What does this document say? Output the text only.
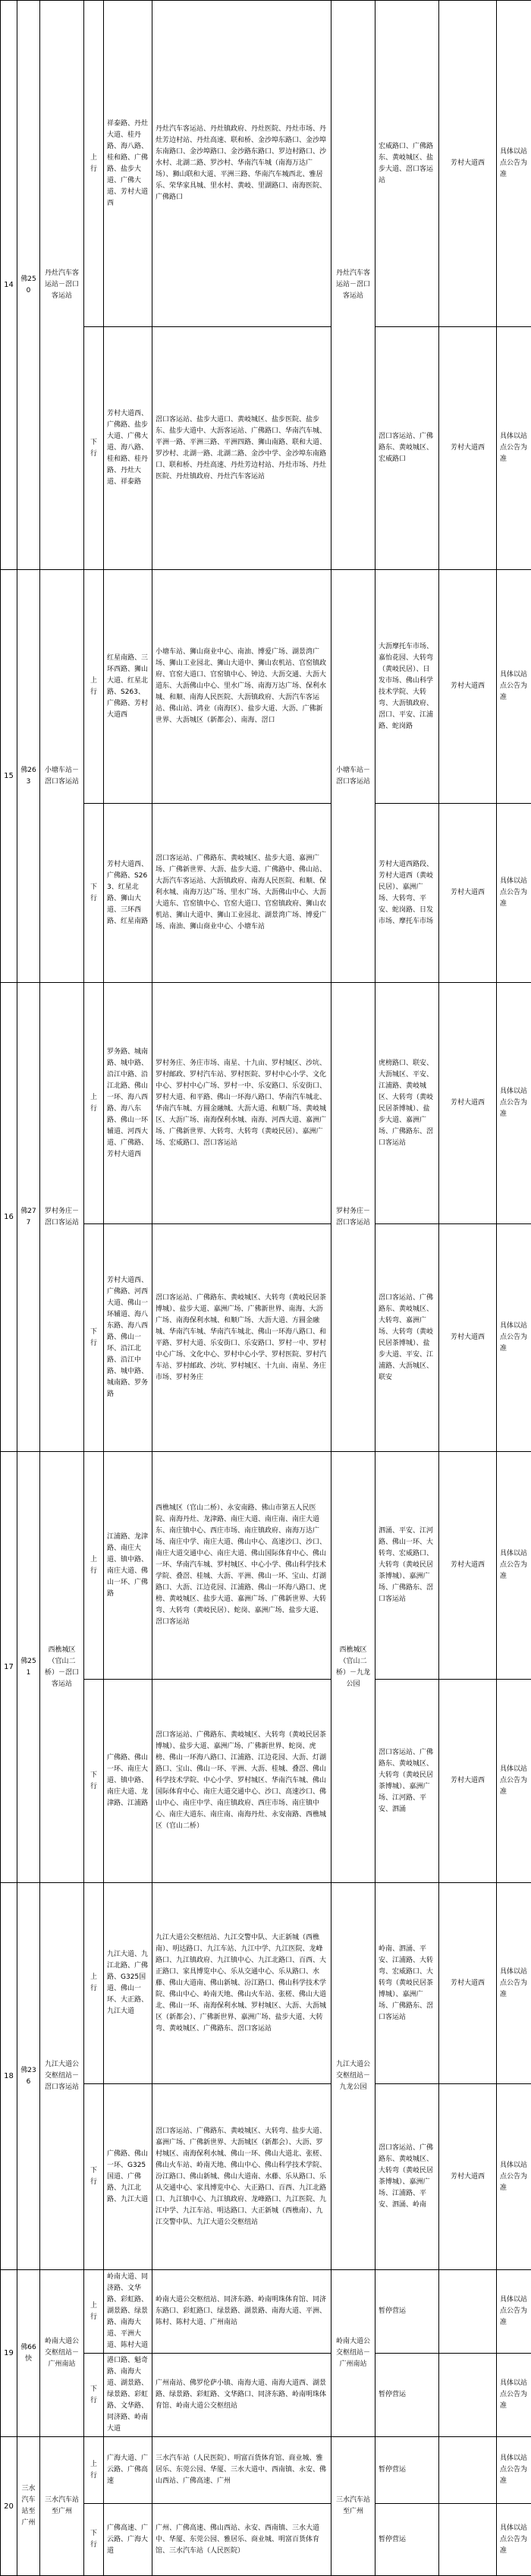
14	佛250	丹灶汽车客运站－滘口客运站	上行	祥泰路、丹灶大道、桂丹路、海八路、桂和路、广佛路、盐步大道、广佛大道、芳村大道西	丹灶汽车客运站、丹灶镇政府、丹灶医院、丹灶市场、丹灶芳边村站、丹灶高速、联和桥、金沙埠东路口、金沙埠东南路口、金沙埠路口、金沙路东路口、罗边村路口、沙水村、北湖二路、罗沙村、华南汽车城（南海万达广场）、狮山联和大道、平洲三路、华南汽车城西北、雅居乐、荣华家具城、里水村、黄岐、里湖路口、南海医院、广佛路口	丹灶汽车客运站－滘口客运站	宏威路口、广佛路东、黄岐城区、盐步大道、滘口客运站	芳村大道西	具体以站点公告为准
			下行	芳村大道西、广佛路、盐步大道、广佛大道、海八路、桂和路、桂丹路、丹灶大道、祥泰路	滘口客运站、盐步大道口、黄岐城区、盐步医院、盐步东、盐步大道中、大沥客运站、广佛路口、华南汽车城、平洲一路、平洲三路、平洲四路、狮山南路、联和大道、罗沙村、北湖一路、北湖二路、金沙中学、金沙埠东南路口、联和桥、丹灶高速、丹灶芳边村站、丹灶市场、丹灶医院、丹灶镇政府、丹灶汽车客运站		滘口客运站、广佛路东、黄岐城区、宏威路口	芳村大道西	具体以站点公告为准
15	佛263	小塘车站－滘口客运站	上行	红星南路、三环西路、狮山大道、红星北路、S263、广佛路、芳村大道西	小塘车站、狮山商业中心、南油、博爱广场、湖景湾广场、狮山工业园北、狮山大道中、狮山农机站、官窑镇政府、官窑大道口、官窑镇中心、钟边、大沥交通、大沥大道东、大沥佛山中心、里水广场、南海万达广场、保利水城、和顺、南海人民医院、大沥镇政府、大沥汽车客运站、佛山站、鸿业（南海区）、盐步大道、大沥、广佛新世界、大沥城区（新都会）、南海、滘口	小塘车站－滘口客运站	大沥摩托车市场、嘉怡花园、大转弯（黄岐民居）、日发市场、佛山科学技术学院、大转弯、大沥镇政府、滘口、平安、江浦路、蛇岗路	芳村大道西	具体以站点公告为准
			下行	芳村大道西、广佛路、S263、红星北路、狮山大道、三环西路、红星南路	滘口客运站、广佛路东、黄岐城区、盐步大道、嘉洲广场、广佛新世界、大沥、盐步大道、广佛路中、佛山站、大沥汽车客运站、大沥镇政府、南海人民医院、和顺、保利水城、南海万达广场、里水广场、大沥佛山中心、大沥大道东、官窑镇中心、官窑大道口、官窑镇政府、狮山农机站、狮山大道中、狮山工业园北、湖景湾广场、博爱广场、南油、狮山商业中心、小塘车站		芳村大道西路段、芳村大道西（黄岐民居）、嘉洲广场、大转弯、平安、蛇岗路、日发市场、摩托车市场	芳村大道西	具体以站点公告为准
16	佛277	罗村务庄－滘口客运站	上行	罗务路、城南路、城中路、沿江中路、沿江北路、佛山一环、海八西路、海八东路、佛山一环辅道、河西大道、广佛路、芳村大道西	罗村务庄、务庄市场、南星、十九亩、罗村城区、沙坑、罗村邮政、罗村汽车站、罗村医院、罗村中心小学、文化中心、罗村中心广场、罗村一中、乐安路口、乐安街口、罗村大道、和平路、佛山一环海八路口、华南汽车城北、华南汽车城、方圆金融城、大沥大道、和顺广场、黄岐城区、大沥广场、南海保利水城、南海、河西大道、嘉洲广场、广佛新世界、大转弯、大转弯（黄岐民居）、嘉洲广场、宏威路口、滘口客运站	罗村务庄－滘口客运站	虎榜路口、联安、大沥城区、平安、江浦路、黄岐城区、大转弯（黄岐民居茶博城）、盐步大道、嘉洲广场、广佛路东、滘口客运站	芳村大道西	具体以站点公告为准
			下行	芳村大道西、广佛路、河西大道、佛山一环辅道、海八东路、海八西路、佛山一环、沿江北路、沿江中路、城中路、城南路、罗务路	滘口客运站、广佛路东、黄岐城区、大转弯（黄岐民居茶博城）、盐步大道、嘉洲广场、广佛新世界、南海、大沥广场、南海保利水城、和顺广场、大沥大道、方圆金融城、华南汽车城、华南汽车城北、佛山一环海八路口、和平路、罗村大道、乐安街口、乐安路口、罗村一中、罗村中心广场、文化中心、罗村中心小学、罗村医院、罗村汽车站、罗村邮政、沙坑、罗村城区、十九亩、南星、务庄市场、罗村务庄		滘口客运站、广佛路东、黄岐城区、大转弯、嘉洲广场、大转弯（黄岐民居茶博城）、盐步大道、平安、江浦路、大沥城区、联安	芳村大道西	具体以站点公告为准
17	佛251	西樵城区（官山二桥）－滘口客运站	上行	江浦路、龙津路、南庄大道、镇中路、南庄大道、佛山一环、广佛路	西樵城区（官山二桥）、永安南路、佛山市第五人民医院、南海丹灶、龙津路、南庄大道、南庄南、南庄大道东、南庄镇中心、西庄市场、南庄镇政府、南海万达广场、南庄中学、南庄大道、佛山中心、高速沙口、沙口、南庄大道交通中心、南庄大道、佛山国际体育中心、佛山一环、华南汽车城、罗村城区、中心小学、佛山科学技术学院、叠滘、桂城、大沥、平洲、佛山一环、宝山、灯湖路口、大沥、江边花园、江浦路、佛山一环海八路口、虎榜、黄岐城区、盐步大道、嘉洲广场、广佛新世界、大转弯、大转弯（黄岐民居）、蛇岗、嘉洲广场、盐步大道、滘口客运站	西樵城区（官山二桥）－九龙公园	泗涌、平安、江河路、佛山一环、大转弯、宏威路口、大转弯（黄岐民居茶博城）、嘉洲广场、广佛路东、滘口客运站	芳村大道西	具体以站点公告为准
			下行	广佛路、佛山一环、南庄大道、镇中路、南庄大道、龙津路、江浦路	滘口客运站、广佛路东、黄岐城区、大转弯（黄岐民居茶博城）、盐步大道、嘉洲广场、广佛新世界、蛇岗、虎榜、佛山一环海八路口、江浦路、江边花园、大沥、灯湖路口、宝山、佛山一环、平洲、大沥、桂城、叠滘、佛山科学技术学院、中心小学、罗村城区、华南汽车城、佛山国际体育中心、南庄大道交通中心、沙口、高速沙口、佛山中心、南庄中学、南庄镇政府、西庄市场、南庄镇中心、南庄大道东、南庄南、南海丹灶、永安南路、西樵城区（官山二桥）		滘口客运站、广佛路东、黄岐城区、大转弯（黄岐民居茶博城）、嘉洲广场、江河路、平安、泗涌	芳村大道西	具体以站点公告为准
18	佛236	九江大道公交枢纽站－滘口客运站	上行	九江大道、九江北路、广佛路、G325国道、佛山一环、大正路、九江大道	九江大道公交枢纽站、九江交警中队、大正新城（西樵南）、明达路口、九江车站、九江中学、九江医院、龙峰路口、九江镇政府、九江镇中心、九江北路口、百西、大正路口、家具博览中心、乐从交通中心、乐从路口、水藤、佛山大道南、佛山新城、汾江路口、佛山科学技术学院、佛山中心、岭南天地、佛山火车站、张槎、佛山大道北、佛山一环、南海保利水城、罗村城区、大沥、大沥城区（新都会）、广佛新世界、嘉洲广场、盐步大道、大转弯、黄岐城区、广佛路东、滘口客运站	九江大道公交枢纽站－九龙公园	岭南、泗涌、平安、江浦路、大转弯、宏威路口、大转弯（黄岐民居茶博城）、嘉洲广场、广佛路东、滘口客运站	芳村大道西	具体以站点公告为准
			下行	广佛路、佛山一环、G325国道、广佛路、九江北路、九江大道	滘口客运站、广佛路东、黄岐城区、大转弯、盐步大道、嘉洲广场、广佛新世界、大沥城区（新都会）、大沥、罗村城区、南海保利水城、佛山一环、佛山大道北、张槎、佛山火车站、岭南天地、佛山中心、佛山科学技术学院、汾江路口、佛山新城、佛山大道南、水藤、乐从路口、乐从交通中心、家具博览中心、大正路口、百西、九江北路口、九江镇中心、九江镇政府、龙峰路口、九江医院、九江中学、九江车站、明达路口、大正新城（西樵南）、九江交警中队、九江大道公交枢纽站		滘口客运站、广佛路东、黄岐城区、大转弯（黄岐民居茶博城）、嘉洲广场、江浦路、平安、泗涌、岭南	芳村大道西	具体以站点公告为准
19	佛66快	岭南大道公交枢纽站－广州南站	上行	岭南大道、同济路、文华路、彩虹路、湖景路、绿景路、南海大道、平洲大道、陈村大道	岭南大道公交枢纽站、同济东路、岭南明珠体育馆、同济东路口、彩虹路口、绿景路、湖景路、南海大道、平洲、陈村、陈村大道、广州南站	岭南大道公交枢纽站－广州南站	暂停营运		具体以站点公告为准
			下行	港口路、魁奇路、南海大道、湖景路、绿景路、彩虹路、文华路、同济路、岭南大道	广州南站、佛罗伦萨小镇、南海大道、南海大道西、湖景路、绿景路、彩虹路、文华路口、同济东路、岭南明珠体育馆、岭南大道公交枢纽站		暂停营运		具体以站点公告为准
20	三水汽车站至广州	三水汽车站至广州	上行	广海大道、广云路、广佛高速	三水汽车站（人民医院）、明富百货体育馆、商业城、雅居乐、东莞公园、华厦、三水大道中、西南镇、永安、佛山西站、广佛高速、广州	三水汽车站至广州	暂停营运		具体以站点公告为准
			下行	广佛高速、广云路、广海大道	广州、广佛高速、佛山西站、永安、西南镇、三水大道中、华厦、东莞公园、雅居乐、商业城、明富百货体育馆、三水汽车站（人民医院）		暂停营运		具体以站点公告为准
